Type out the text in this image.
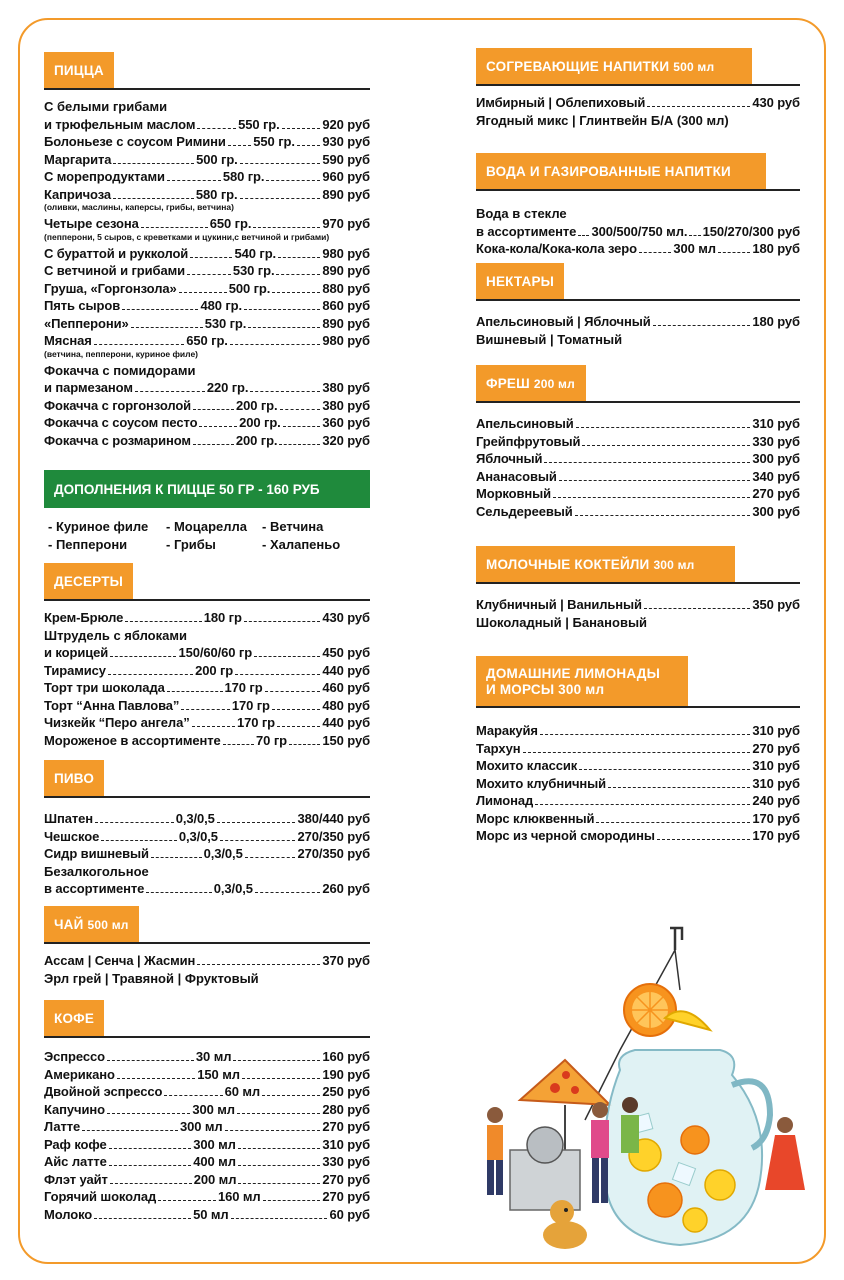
ПИЦЦА
С белыми грибами
и трюфельным маслом	550 гр.	920 руб
Болоньезе с соусом Римини 550 гр. 930 руб
Маргарита	500 гр.	590 руб
С морепродуктами	580 гр.	960 руб
Капричоза	580 гр.	890 руб
(оливки, маслины, каперсы, грибы, ветчина)
Четыре сезона	650 гр.	970 руб
(пепперони, 5 сыров, с креветками и цукини,с ветчиной и грибами)
С бураттой и рукколой	540 гр.	980 руб
С ветчиной и грибами	530 гр.	890 руб
Груша, «Горгонзола»	500 гр.	880 руб
Пять сыров	480 гр.	860 руб
«Пепперони»	530 гр.	890 руб
Мясная	650 гр.	980 руб
(ветчина, пепперони, куриное филе)
Фокачча с помидорами
и пармезаном	220 гр.	380 руб
Фокачча с горгонзолой	200 гр.	380 руб
Фокачча с соусом песто	200 гр.	360 руб
Фокачча с розмарином	200 гр.	320 руб
ДОПОЛНЕНИЯ К ПИЦЦЕ 50 ГР - 160 РУБ
- Куриное филе	- Моцарелла	- Ветчина
- Пепперони	- Грибы	- Халапеньо
ДЕСЕРТЫ
Крем-Брюле	180 гр	430 руб
Штрудель с яблоками
и корицей	150/60/60 гр	450 руб
Тирамису	200 гр	440 руб
Торт три шоколада	170 гр	460 руб
Торт “Анна Павлова”	170 гр	480 руб
Чизкейк “Перо ангела”	170 гр	440 руб
Мороженое в ассортименте	70 гр	150 руб
ПИВО
Шпатен	0,3/0,5	380/440 руб
Чешское	0,3/0,5	270/350 руб
Сидр вишневый	0,3/0,5	270/350 руб
Безалкогольное
в ассортименте	0,3/0,5	260 руб
ЧАЙ 500 мл
Ассам | Сенча | Жасмин	370 руб
Эрл грей | Травяной | Фруктовый
КОФЕ
Эспрессо	30 мл	160 руб
Американо	150 мл	190 руб
Двойной эспрессо	60 мл	250 руб
Капучино	300 мл	280 руб
Латте	300 мл	270 руб
Раф кофе	300 мл	310 руб
Айс латте	400 мл	330 руб
Флэт уайт	200 мл	270 руб
Горячий шоколад	160 мл	270 руб
Молоко	50 мл	60 руб
СОГРЕВАЮЩИЕ НАПИТКИ 500 мл
Имбирный | Облепиховый	430 руб
Ягодный микс | Глинтвейн Б/А (300 мл)
ВОДА И ГАЗИРОВАННЫЕ НАПИТКИ
Вода в стекле
в ассортименте 300/500/750 мл. 150/270/300 руб
Кока-кола/Кока-кола зеро	300 мл	180 руб
НЕКТАРЫ
Апельсиновый | Яблочный	180 руб
Вишневый | Томатный
ФРЕШ 200 мл
Апельсиновый	310 руб
Грейпфрутовый	330 руб
Яблочный	300 руб
Ананасовый	340 руб
Морковный	270 руб
Сельдереевый	300 руб
МОЛОЧНЫЕ КОКТЕЙЛИ 300 мл
Клубничный | Ванильный	350 руб
Шоколадный | Банановый
ДОМАШНИЕ ЛИМОНАДЫ
И МОРСЫ 300 мл
Маракуйя	310 руб
Тархун	270 руб
Мохито классик	310 руб
Мохито клубничный	310 руб
Лимонад	240 руб
Морс клюквенный	170 руб
Морс из черной смородины	170 руб
